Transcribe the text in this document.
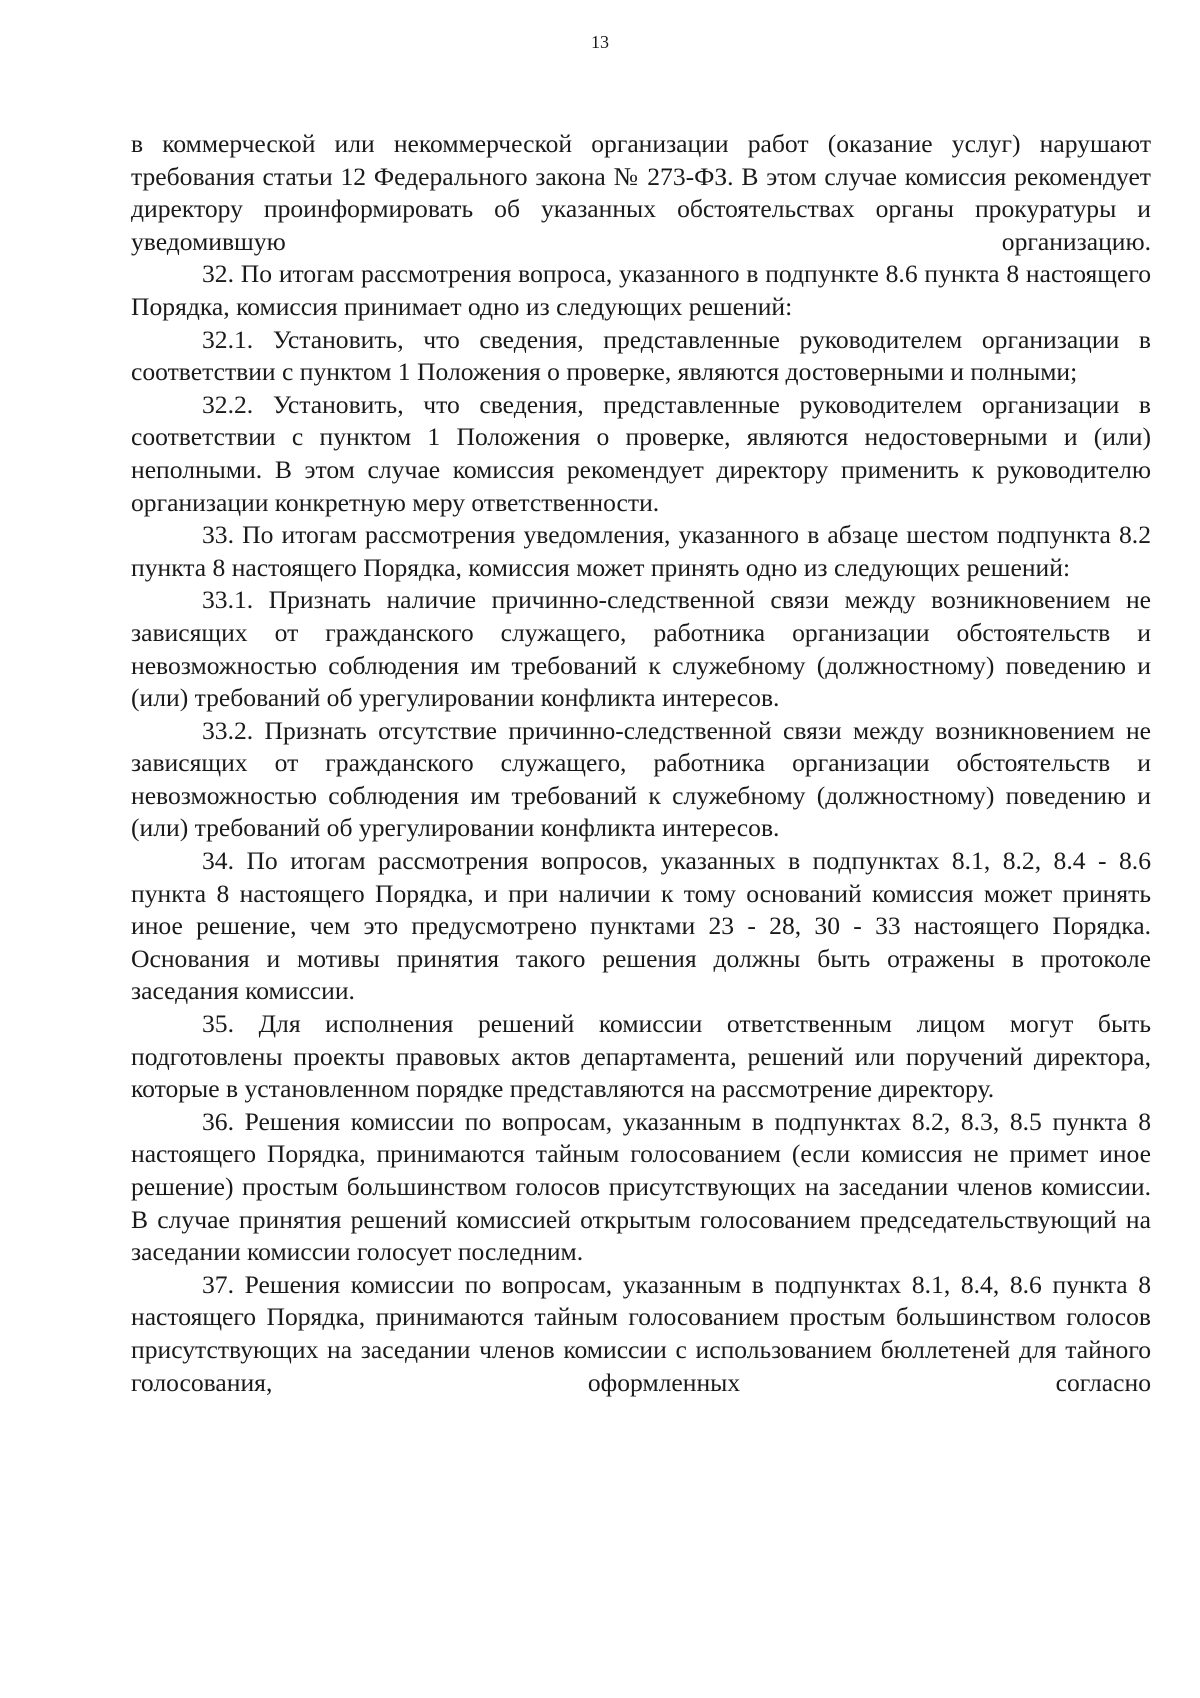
13

в коммерческой или некоммерческой организации работ (оказание услуг) нарушают требования статьи 12 Федерального закона № 273-ФЗ. В этом случае комиссия рекомендует директору проинформировать об указанных обстоятельствах органы прокуратуры и уведомившую организацию.

32. По итогам рассмотрения вопроса, указанного в подпункте 8.6 пункта 8 настоящего Порядка, комиссия принимает одно из следующих решений:

32.1. Установить, что сведения, представленные руководителем организации в соответствии с пунктом 1 Положения о проверке, являются достоверными и полными;

32.2. Установить, что сведения, представленные руководителем организации в соответствии с пунктом 1 Положения о проверке, являются недостоверными и (или) неполными. В этом случае комиссия рекомендует директору применить к руководителю организации конкретную меру ответственности.

33. По итогам рассмотрения уведомления, указанного в абзаце шестом подпункта 8.2 пункта 8 настоящего Порядка, комиссия может принять одно из следующих решений:

33.1. Признать наличие причинно-следственной связи между возникновением не зависящих от гражданского служащего, работника организации обстоятельств и невозможностью соблюдения им требований к служебному (должностному) поведению и (или) требований об урегулировании конфликта интересов.

33.2. Признать отсутствие причинно-следственной связи между возникновением не зависящих от гражданского служащего, работника организации обстоятельств и невозможностью соблюдения им требований к служебному (должностному) поведению и (или) требований об урегулировании конфликта интересов.

34. По итогам рассмотрения вопросов, указанных в подпунктах 8.1, 8.2, 8.4 - 8.6 пункта 8 настоящего Порядка, и при наличии к тому оснований комиссия может принять иное решение, чем это предусмотрено пунктами 23 - 28, 30 - 33 настоящего Порядка. Основания и мотивы принятия такого решения должны быть отражены в протоколе заседания комиссии.

35. Для исполнения решений комиссии ответственным лицом могут быть подготовлены проекты правовых актов департамента, решений или поручений директора, которые в установленном порядке представляются на рассмотрение директору.

36. Решения комиссии по вопросам, указанным в подпунктах 8.2, 8.3, 8.5 пункта 8 настоящего Порядка, принимаются тайным голосованием (если комиссия не примет иное решение) простым большинством голосов присутствующих на заседании членов комиссии. В случае принятия решений комиссией открытым голосованием председательствующий на заседании комиссии голосует последним.

37. Решения комиссии по вопросам, указанным в подпунктах 8.1, 8.4, 8.6 пункта 8 настоящего Порядка, принимаются тайным голосованием простым большинством голосов присутствующих на заседании членов комиссии с использованием бюллетеней для тайного голосования, оформленных согласно
